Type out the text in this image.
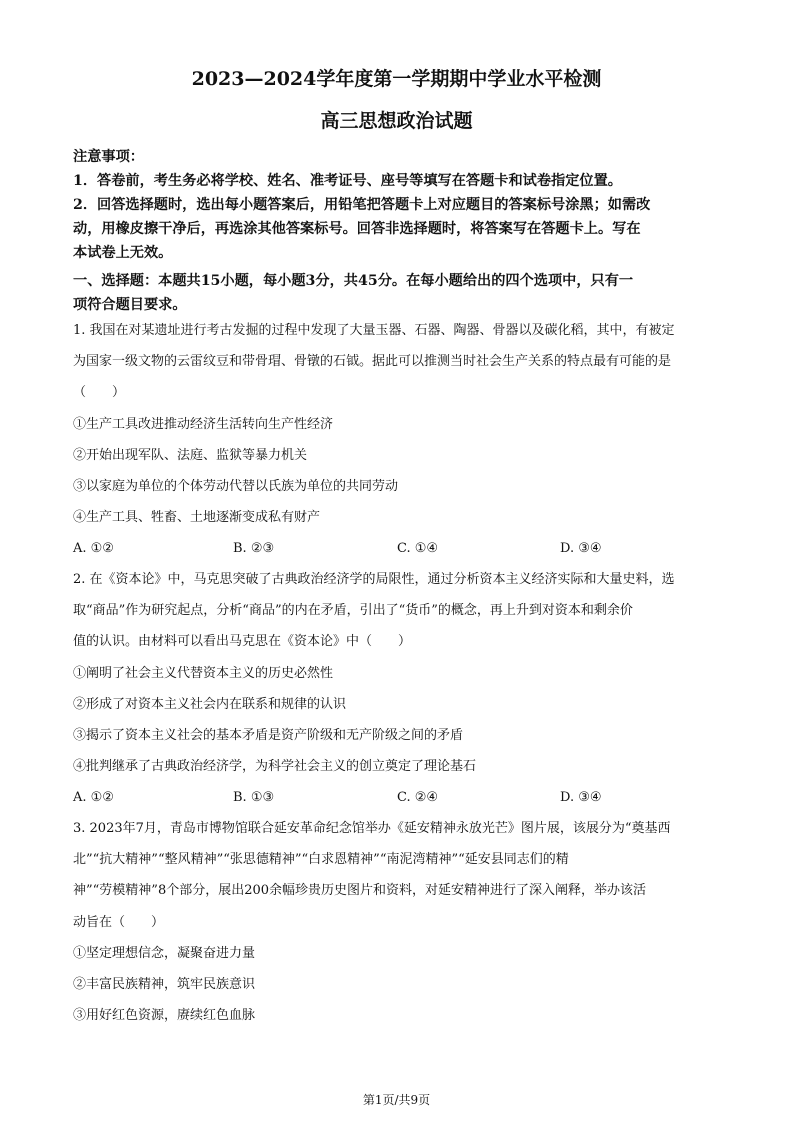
2023—2024学年度第一学期期中学业水平检测
高三思想政治试题

注意事项：

1．答卷前，考生务必将学校、姓名、准考证号、座号等填写在答题卡和试卷指定位置。

2．回答选择题时，选出每小题答案后，用铅笔把答题卡上对应题目的答案标号涂黑；如需改

动，用橡皮擦干净后，再选涂其他答案标号。回答非选择题时，将答案写在答题卡上。写在

本试卷上无效。

一、选择题：本题共15小题，每小题3分，共45分。在每小题给出的四个选项中，只有一

项符合题目要求。

1. 我国在对某遗址进行考古发掘的过程中发现了大量玉器、石器、陶器、骨器以及碳化稻，其中，有被定

为国家一级文物的云雷纹豆和带骨瑁、骨镦的石钺。据此可以推测当时社会生产关系的特点最有可能的是

（　　）

①生产工具改进推动经济生活转向生产性经济

②开始出现军队、法庭、监狱等暴力机关

③以家庭为单位的个体劳动代替以氏族为单位的共同劳动

④生产工具、牲畜、土地逐渐变成私有财产

A. ①②	B. ②③	C. ①④	D. ③④

2. 在《资本论》中，马克思突破了古典政治经济学的局限性，通过分析资本主义经济实际和大量史料，选

取“商品”作为研究起点，分析“商品”的内在矛盾，引出了“货币”的概念，再上升到对资本和剩余价

值的认识。由材料可以看出马克思在《资本论》中（　　）

①阐明了社会主义代替资本主义的历史必然性

②形成了对资本主义社会内在联系和规律的认识

③揭示了资本主义社会的基本矛盾是资产阶级和无产阶级之间的矛盾

④批判继承了古典政治经济学，为科学社会主义的创立奠定了理论基石

A. ①②	B. ①③	C. ②④	D. ③④

3. 2023年7月，青岛市博物馆联合延安革命纪念馆举办《延安精神永放光芒》图片展，该展分为“奠基西

北”“抗大精神”“整风精神”“张思德精神”“白求恩精神”“南泥湾精神”“延安县同志们的精

神”“劳模精神”8个部分，展出200余幅珍贵历史图片和资料，对延安精神进行了深入阐释，举办该活

动旨在（　　）

①坚定理想信念，凝聚奋进力量

②丰富民族精神，筑牢民族意识

③用好红色资源，赓续红色血脉

第1页/共9页
